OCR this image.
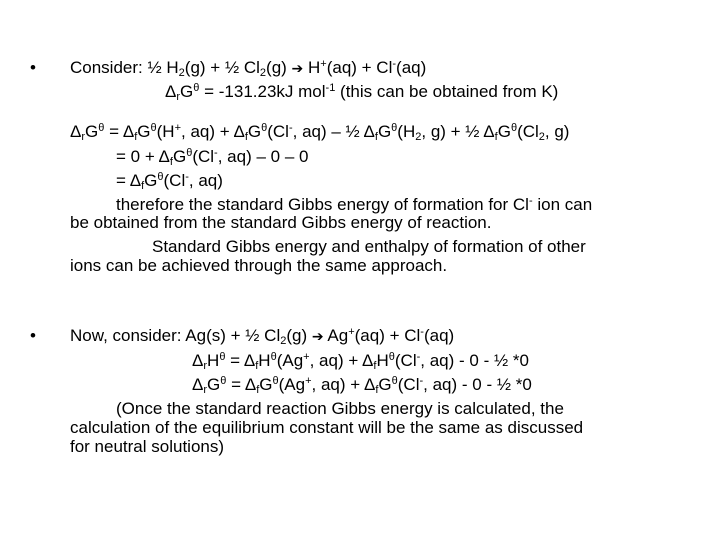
• Consider: ½ $H_2(g)$ + ½ $Cl_2(g)$ ➔ H+(aq) + Cl-(aq)
$\Delta_rG^\theta = -131.23kJ$ mol$^{-1}$ (this can be obtained from K)
$\Delta_rG^\theta = \Delta_fG^\theta(H^+$, $aq) + \Delta_fG^\theta(Cl^-$, aq) – ½ $\Delta_fG^\theta(H_2$, g) + ½ $\Delta_fG^\theta(Cl_2$, g)
= $0 + \Delta_fG^\theta(Cl^-$, aq) – 0 – 0
= $\Delta_fG^\theta(Cl^-$, aq)
therefore the standard Gibbs energy of formation for Cl- ion can
be obtained from the standard Gibbs energy of reaction.
Standard Gibbs energy and enthalpy of formation of other
ions can be achieved through the same approach.
• Now, consider: Ag(s) + ½ $Cl_2(g)$ ➔ Ag+(aq) + Cl-(aq)
$\Delta_rH^\theta = \Delta_fH^\theta(Ag^+$, $aq) + \Delta_fH^\theta(Cl^-$, aq) - 0 - ½ *0
$\Delta_rG^\theta = \Delta_fG^\theta(Ag^+$, $aq) + \Delta_fG^\theta(Cl^-$, aq) - 0 - ½ *0
(Once the standard reaction Gibbs energy is calculated, the
calculation of the equilibrium constant will be the same as discussed
for neutral solutions)
